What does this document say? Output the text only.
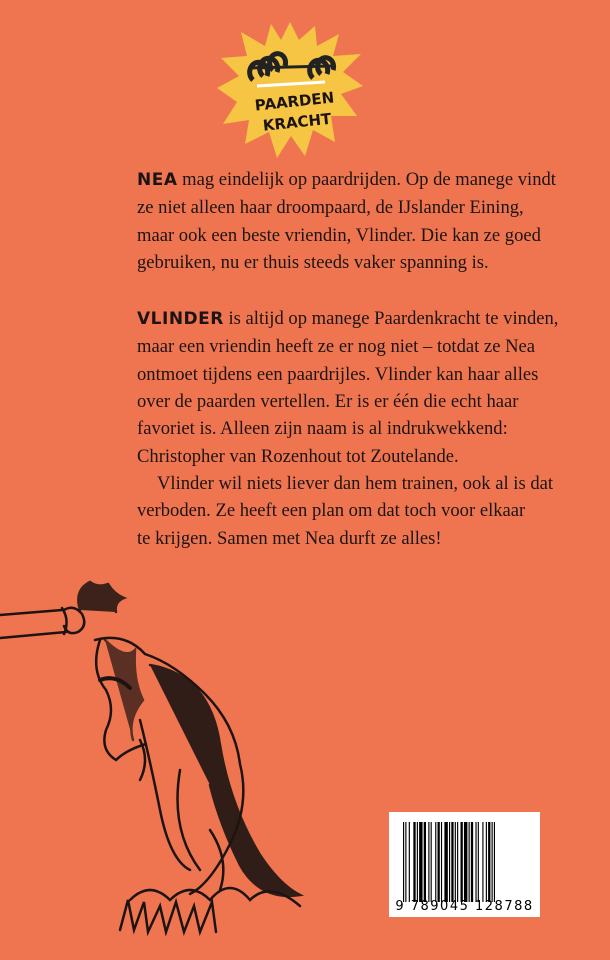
PAARDEN
KRACHT

NEA mag eindelijk op paardrijden. Op de manege vindt
ze niet alleen haar droompaard, de IJslander Eining,
maar ook een beste vriendin, Vlinder. Die kan ze goed
gebruiken, nu er thuis steeds vaker spanning is.

VLINDER is altijd op manege Paardenkracht te vinden,
maar een vriendin heeft ze er nog niet – totdat ze Nea
ontmoet tijdens een paardrijles. Vlinder kan haar alles
over de paarden vertellen. Er is er één die echt haar
favoriet is. Alleen zijn naam is al indrukwekkend:
Christopher van Rozenhout tot Zoutelande.

Vlinder wil niets liever dan hem trainen, ook al is dat
verboden. Ze heeft een plan om dat toch voor elkaar
te krijgen. Samen met Nea durft ze alles!

9 789045 128788
